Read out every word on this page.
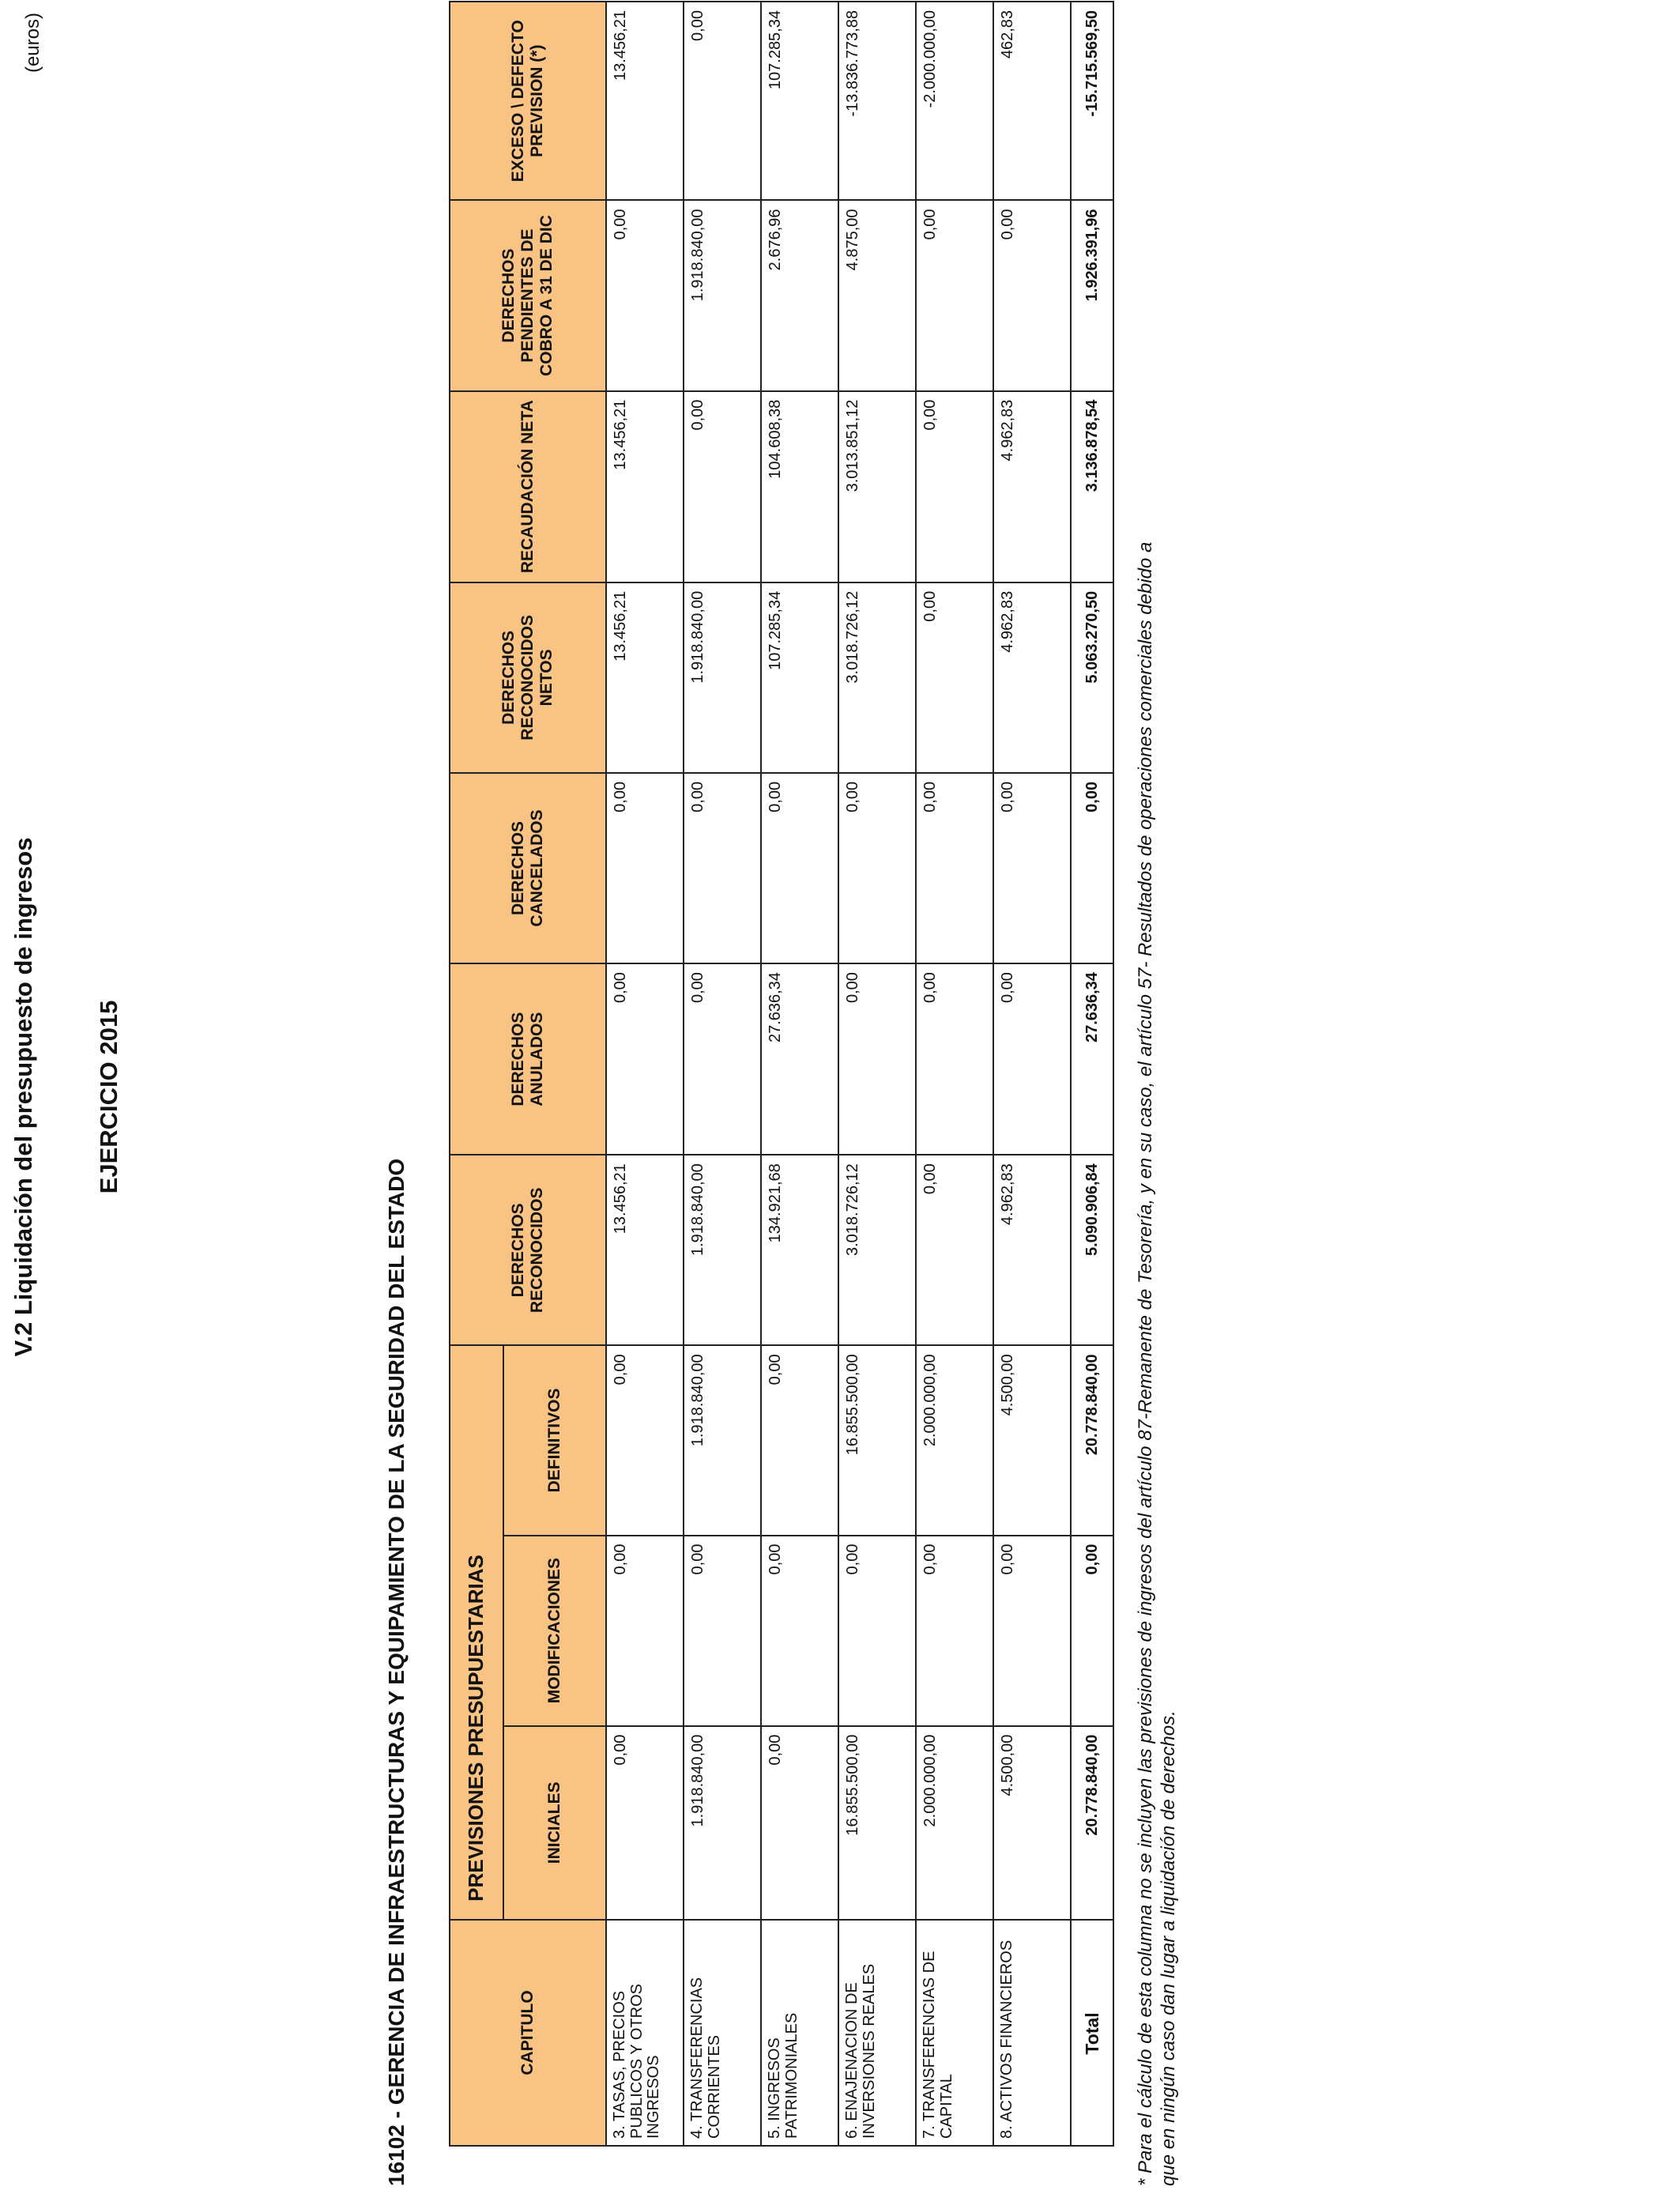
V.2 Liquidación del presupuesto de ingresos EJERCICIO 2015
(euros)
16102 - GERENCIA DE INFRAESTRUCTURAS Y EQUIPAMIENTO DE LA SEGURIDAD DEL ESTADO	CAPITULO	PREVISIONES PRESUPUESTARIAS			DERECHOS RECONOCIDOS	DERECHOS ANULADOS	DERECHOS CANCELADOS	DERECHOS RECONOCIDOS NETOS	RECAUDACIÓN NETA	DERECHOS PENDIENTES DE COBRO A 31 DE DIC	EXCESO \ DEFECTO PREVISION (*)
	INICIALES	MODIFICACIONES	DEFINITIVOS							
3. TASAS, PRECIOS PUBLICOS Y OTROS INGRESOS	0,00	0,00	0,00	13.456,21	0,00	0,00	13.456,21	13.456,21	0,00	13.456,21
4. TRANSFERENCIAS CORRIENTES	1.918.840,00	0,00	1.918.840,00	1.918.840,00	0,00	0,00	1.918.840,00	0,00	1.918.840,00	0,00
5. INGRESOS PATRIMONIALES	0,00	0,00	0,00	134.921,68	27.636,34	0,00	107.285,34	104.608,38	2.676,96	107.285,34
6. ENAJENACION DE INVERSIONES REALES	16.855.500,00	0,00	16.855.500,00	3.018.726,12	0,00	0,00	3.018.726,12	3.013.851,12	4.875,00	-13.836.773,88
7. TRANSFERENCIAS DE CAPITAL	2.000.000,00	0,00	2.000.000,00	0,00	0,00	0,00	0,00	0,00	0,00	-2.000.000,00
8. ACTIVOS FINANCIEROS	4.500,00	0,00	4.500,00	4.962,83	0,00	0,00	4.962,83	4.962,83	0,00	462,83
Total	20.778.840,00	0,00	20.778.840,00	5.090.906,84	27.636,34	0,00	5.063.270,50	3.136.878,54	1.926.391,96	-15.715.569,50
* Para el cálculo de esta columna no se incluyen las previsiones de ingresos del artículo 87-Remanente de Tesorería, y en su caso, el artículo 57- Resultados de operaciones comerciales debido a que en ningún caso dan lugar a liquidación de derechos.
